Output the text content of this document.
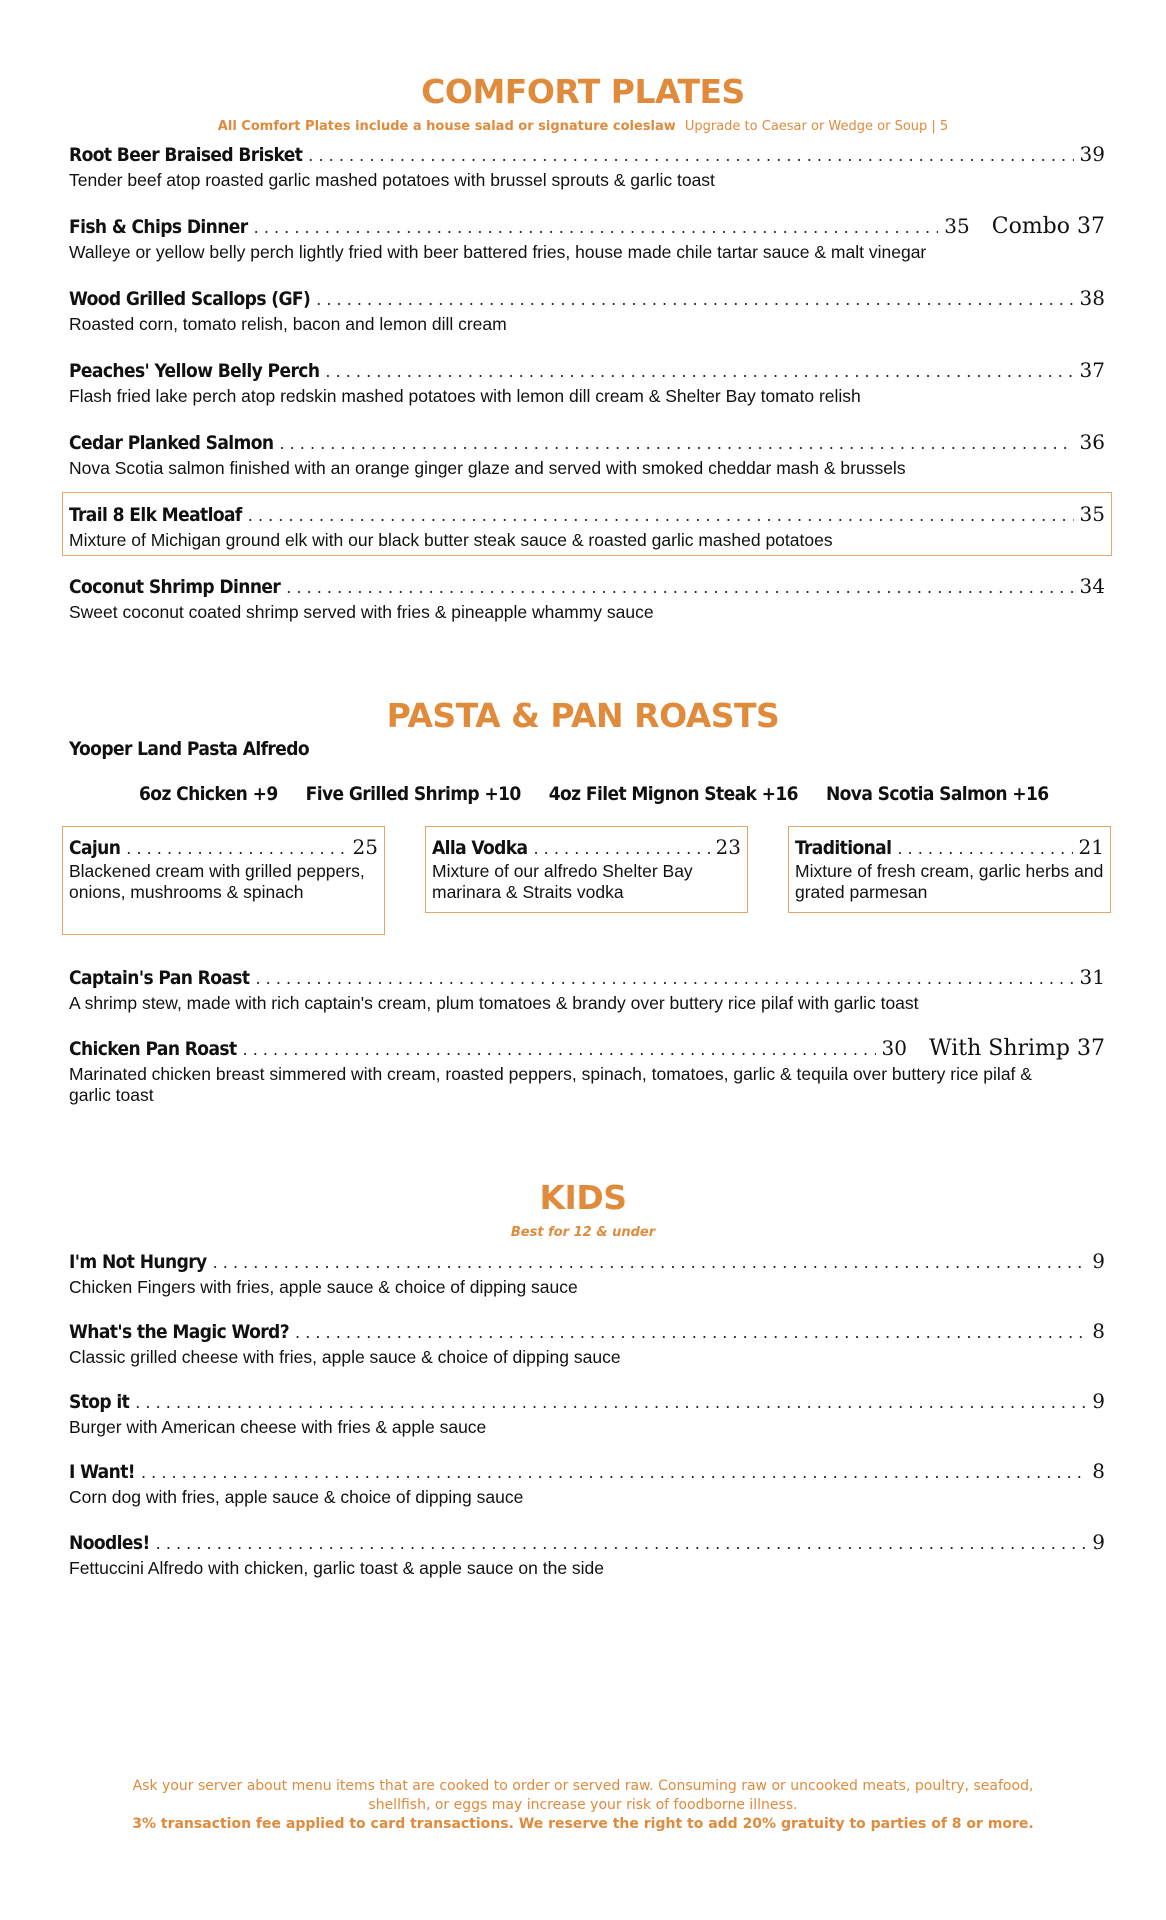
COMFORT PLATES
All Comfort Plates include a house salad or signature coleslaw Upgrade to Caesar or Wedge or Soup | 5
Root Beer Braised Brisket . . .	39
Tender beef atop roasted garlic mashed potatoes with brussel sprouts & garlic toast
Fish & Chips Dinner . . .	35 Combo 37
Walleye or yellow belly perch lightly fried with beer battered fries, house made chile tartar sauce & malt vinegar
Wood Grilled Scallops (GF) . . .	38
Roasted corn, tomato relish, bacon and lemon dill cream
Peaches' Yellow Belly Perch . . .	37
Flash fried lake perch atop redskin mashed potatoes with lemon dill cream & Shelter Bay tomato relish
Cedar Planked Salmon . . .	36
Nova Scotia salmon finished with an orange ginger glaze and served with smoked cheddar mash & brussels
Trail 8 Elk Meatloaf . . .	35
Mixture of Michigan ground elk with our black butter steak sauce & roasted garlic mashed potatoes
Coconut Shrimp Dinner . . .	34
Sweet coconut coated shrimp served with fries & pineapple whammy sauce
PASTA & PAN ROASTS
Yooper Land Pasta Alfredo
6oz Chicken +9 Five Grilled Shrimp +10 4oz Filet Mignon Steak +16 Nova Scotia Salmon +16
Cajun . . .	25
Blackened cream with grilled peppers, onions, mushrooms & spinach
Alla Vodka . . .	23
Mixture of our alfredo Shelter Bay marinara & Straits vodka
Traditional . . .	21
Mixture of fresh cream, garlic herbs and grated parmesan
Captain's Pan Roast . . .	31
A shrimp stew, made with rich captain's cream, plum tomatoes & brandy over buttery rice pilaf with garlic toast
Chicken Pan Roast . . .	30 With Shrimp 37
Marinated chicken breast simmered with cream, roasted peppers, spinach, tomatoes, garlic & tequila over buttery rice pilaf & garlic toast
KIDS
Best for 12 & under
I'm Not Hungry . . .	9
Chicken Fingers with fries, apple sauce & choice of dipping sauce
What's the Magic Word? . . .	8
Classic grilled cheese with fries, apple sauce & choice of dipping sauce
Stop it . . .	9
Burger with American cheese with fries & apple sauce
I Want! . . .	8
Corn dog with fries, apple sauce & choice of dipping sauce
Noodles! . . .	9
Fettuccini Alfredo with chicken, garlic toast & apple sauce on the side
Ask your server about menu items that are cooked to order or served raw. Consuming raw or uncooked meats, poultry, seafood,
shellfish, or eggs may increase your risk of foodborne illness.
3% transaction fee applied to card transactions. We reserve the right to add 20% gratuity to parties of 8 or more.
